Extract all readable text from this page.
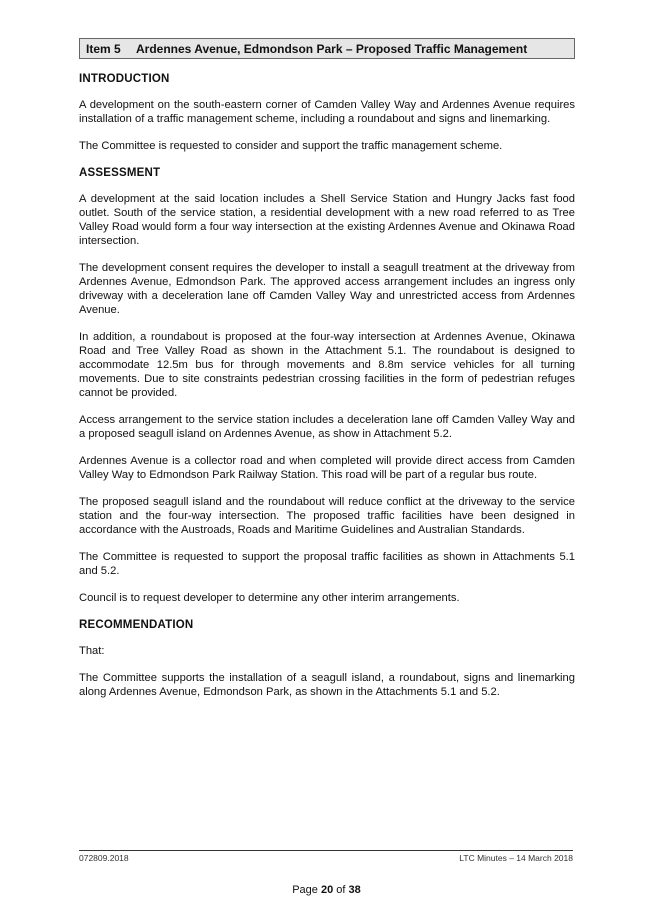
Item 5 Ardennes Avenue, Edmondson Park – Proposed Traffic Management
INTRODUCTION

A development on the south-eastern corner of Camden Valley Way and Ardennes Avenue requires installation of a traffic management scheme, including a roundabout and signs and linemarking.

The Committee is requested to consider and support the traffic management scheme.

ASSESSMENT

A development at the said location includes a Shell Service Station and Hungry Jacks fast food outlet. South of the service station, a residential development with a new road referred to as Tree Valley Road would form a four way intersection at the existing Ardennes Avenue and Okinawa Road intersection.

The development consent requires the developer to install a seagull treatment at the driveway from Ardennes Avenue, Edmondson Park. The approved access arrangement includes an ingress only driveway with a deceleration lane off Camden Valley Way and unrestricted access from Ardennes Avenue.

In addition, a roundabout is proposed at the four-way intersection at Ardennes Avenue, Okinawa Road and Tree Valley Road as shown in the Attachment 5.1. The roundabout is designed to accommodate 12.5m bus for through movements and 8.8m service vehicles for all turning movements. Due to site constraints pedestrian crossing facilities in the form of pedestrian refuges cannot be provided.

Access arrangement to the service station includes a deceleration lane off Camden Valley Way and a proposed seagull island on Ardennes Avenue, as show in Attachment 5.2.

Ardennes Avenue is a collector road and when completed will provide direct access from Camden Valley Way to Edmondson Park Railway Station. This road will be part of a regular bus route.

The proposed seagull island and the roundabout will reduce conflict at the driveway to the service station and the four-way intersection. The proposed traffic facilities have been designed in accordance with the Austroads, Roads and Maritime Guidelines and Australian Standards.

The Committee is requested to support the proposal traffic facilities as shown in Attachments 5.1 and 5.2.

Council is to request developer to determine any other interim arrangements.

RECOMMENDATION

That:

The Committee supports the installation of a seagull island, a roundabout, signs and linemarking along Ardennes Avenue, Edmondson Park, as shown in the Attachments 5.1 and 5.2.

072809.2018	LTC Minutes – 14 March 2018
Page 20 of 38
